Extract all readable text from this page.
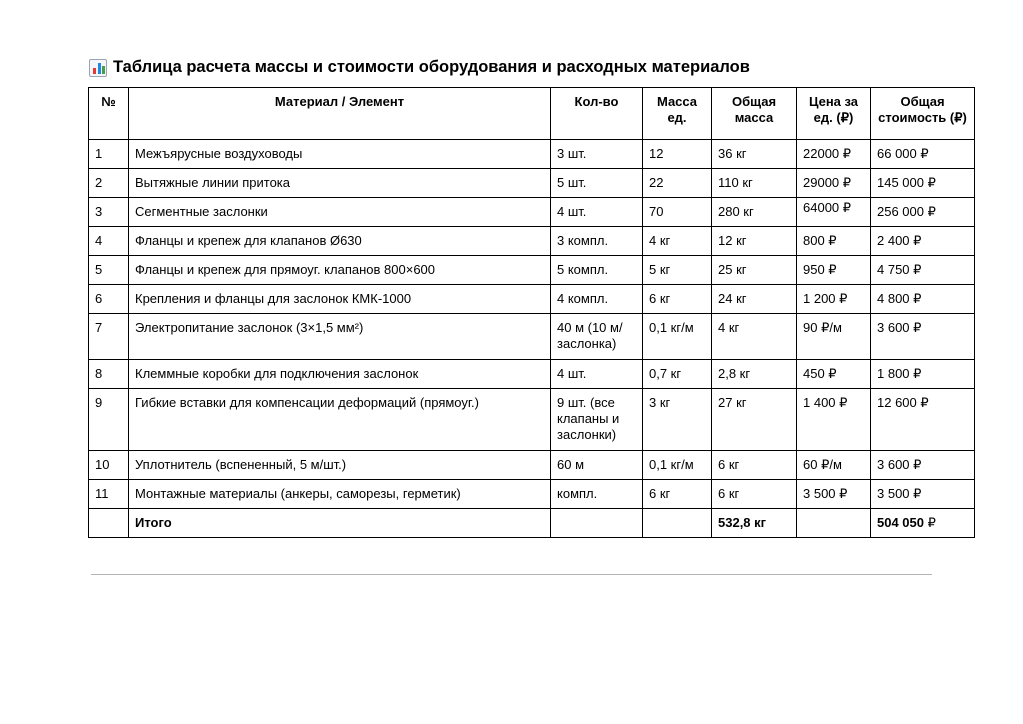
Таблица расчета массы и стоимости оборудования и расходных материалов
№	Материал / Элемент	Кол-во	Масса ед.	Общая масса	Цена за ед. (₽)	Общая стоимость (₽)
1	Межъярусные воздуховоды	3 шт.	12	36 кг	22000 ₽	66 000 ₽
2	Вытяжные линии притока	5 шт.	22	110 кг	29000 ₽	145 000 ₽
3	Сегментные заслонки	4 шт.	70	280 кг	64000 ₽	256 000 ₽
4	Фланцы и крепеж для клапанов Ø630	3 компл.	4 кг	12 кг	800 ₽	2 400 ₽
5	Фланцы и крепеж для прямоуг. клапанов 800×600	5 компл.	5 кг	25 кг	950 ₽	4 750 ₽
6	Крепления и фланцы для заслонок КМК-1000	4 компл.	6 кг	24 кг	1 200 ₽	4 800 ₽
7	Электропитание заслонок (3×1,5 мм²)	40 м (10 м/ заслонка)	0,1 кг/м	4 кг	90 ₽/м	3 600 ₽
8	Клеммные коробки для подключения заслонок	4 шт.	0,7 кг	2,8 кг	450 ₽	1 800 ₽
9	Гибкие вставки для компенсации деформаций (прямоуг.)	9 шт. (все клапаны и заслонки)	3 кг	27 кг	1 400 ₽	12 600 ₽
10	Уплотнитель (вспененный, 5 м/шт.)	60 м	0,1 кг/м	6 кг	60 ₽/м	3 600 ₽
11	Монтажные материалы (анкеры, саморезы, герметик)	компл.	6 кг	6 кг	3 500 ₽	3 500 ₽
	Итого			532,8 кг		504 050 ₽
